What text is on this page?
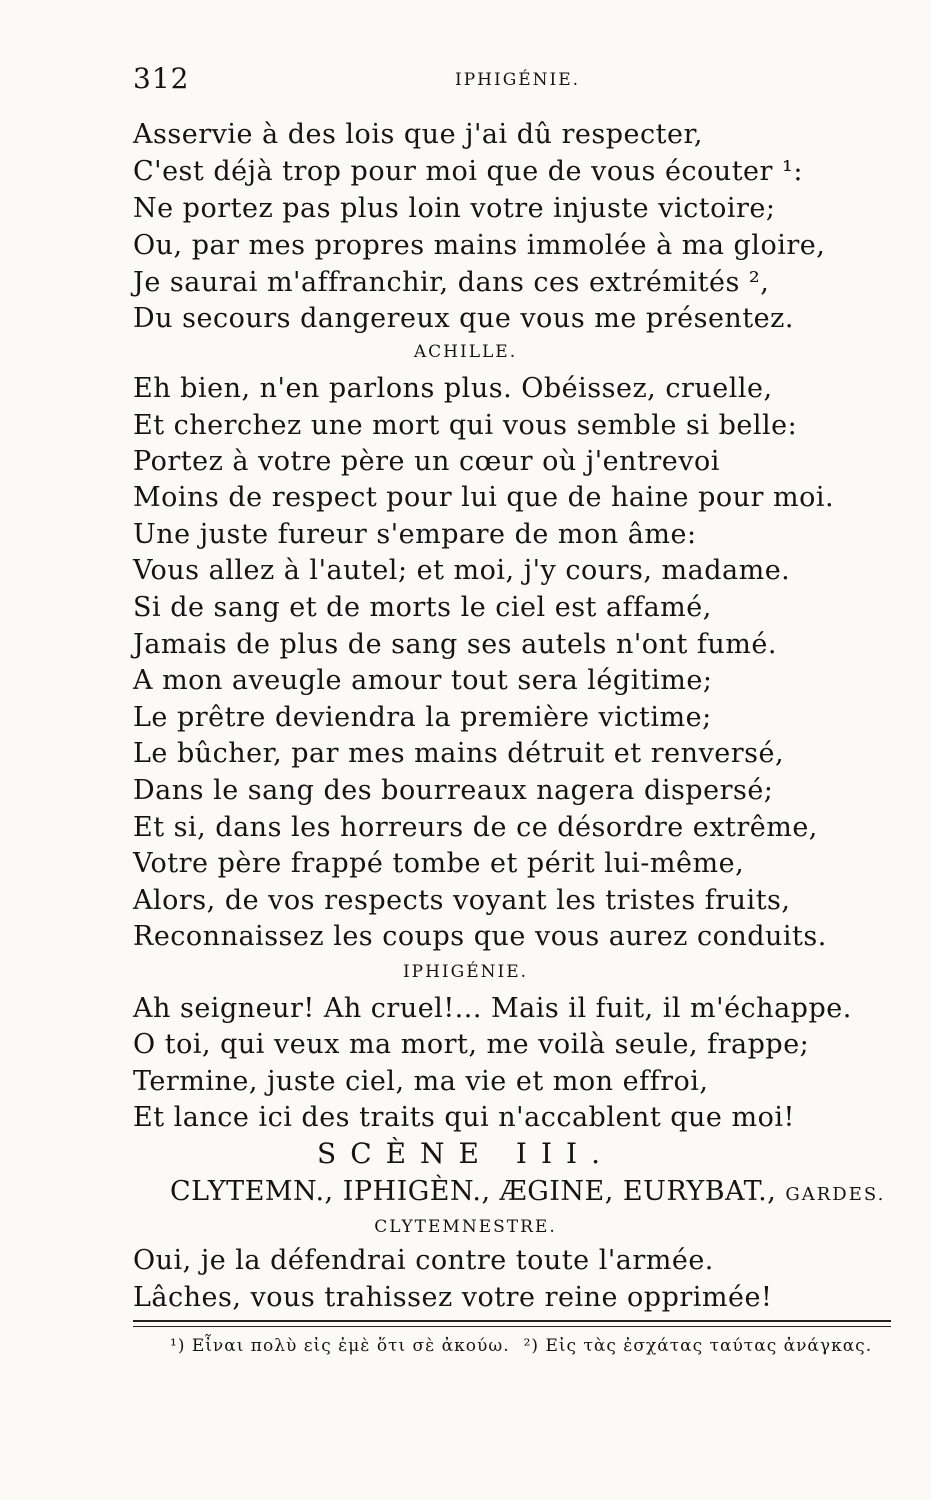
312	IPHIGÉNIE.
Asservie à des lois que j'ai dû respecter,
C'est déjà trop pour moi que de vous écouter ¹:
Ne portez pas plus loin votre injuste victoire;
Ou, par mes propres mains immolée à ma gloire,
Je saurai m'affranchir, dans ces extrémités ²,
Du secours dangereux que vous me présentez.
ACHILLE.
Eh bien, n'en parlons plus. Obéissez, cruelle,
Et cherchez une mort qui vous semble si belle:
Portez à votre père un cœur où j'entrevoi
Moins de respect pour lui que de haine pour moi.
Une juste fureur s'empare de mon âme:
Vous allez à l'autel; et moi, j'y cours, madame.
Si de sang et de morts le ciel est affamé,
Jamais de plus de sang ses autels n'ont fumé.
A mon aveugle amour tout sera légitime;
Le prêtre deviendra la première victime;
Le bûcher, par mes mains détruit et renversé,
Dans le sang des bourreaux nagera dispersé;
Et si, dans les horreurs de ce désordre extrême,
Votre père frappé tombe et périt lui-même,
Alors, de vos respects voyant les tristes fruits,
Reconnaissez les coups que vous aurez conduits.
IPHIGÉNIE.
Ah seigneur! Ah cruel!... Mais il fuit, il m'échappe.
O toi, qui veux ma mort, me voilà seule, frappe;
Termine, juste ciel, ma vie et mon effroi,
Et lance ici des traits qui n'accablent que moi!
SCÈNE III.
CLYTEMN., IPHIGÈN., ÆGINE, EURYBAT., GARDES.
CLYTEMNESTRE.
Oui, je la défendrai contre toute l'armée.
Lâches, vous trahissez votre reine opprimée!
¹) Εἶναι πολὺ εἰς ἐμὲ ὅτι σὲ ἀκούω. ²) Εἰς τὰς ἐσχάτας ταύτας ἀνάγκας.
